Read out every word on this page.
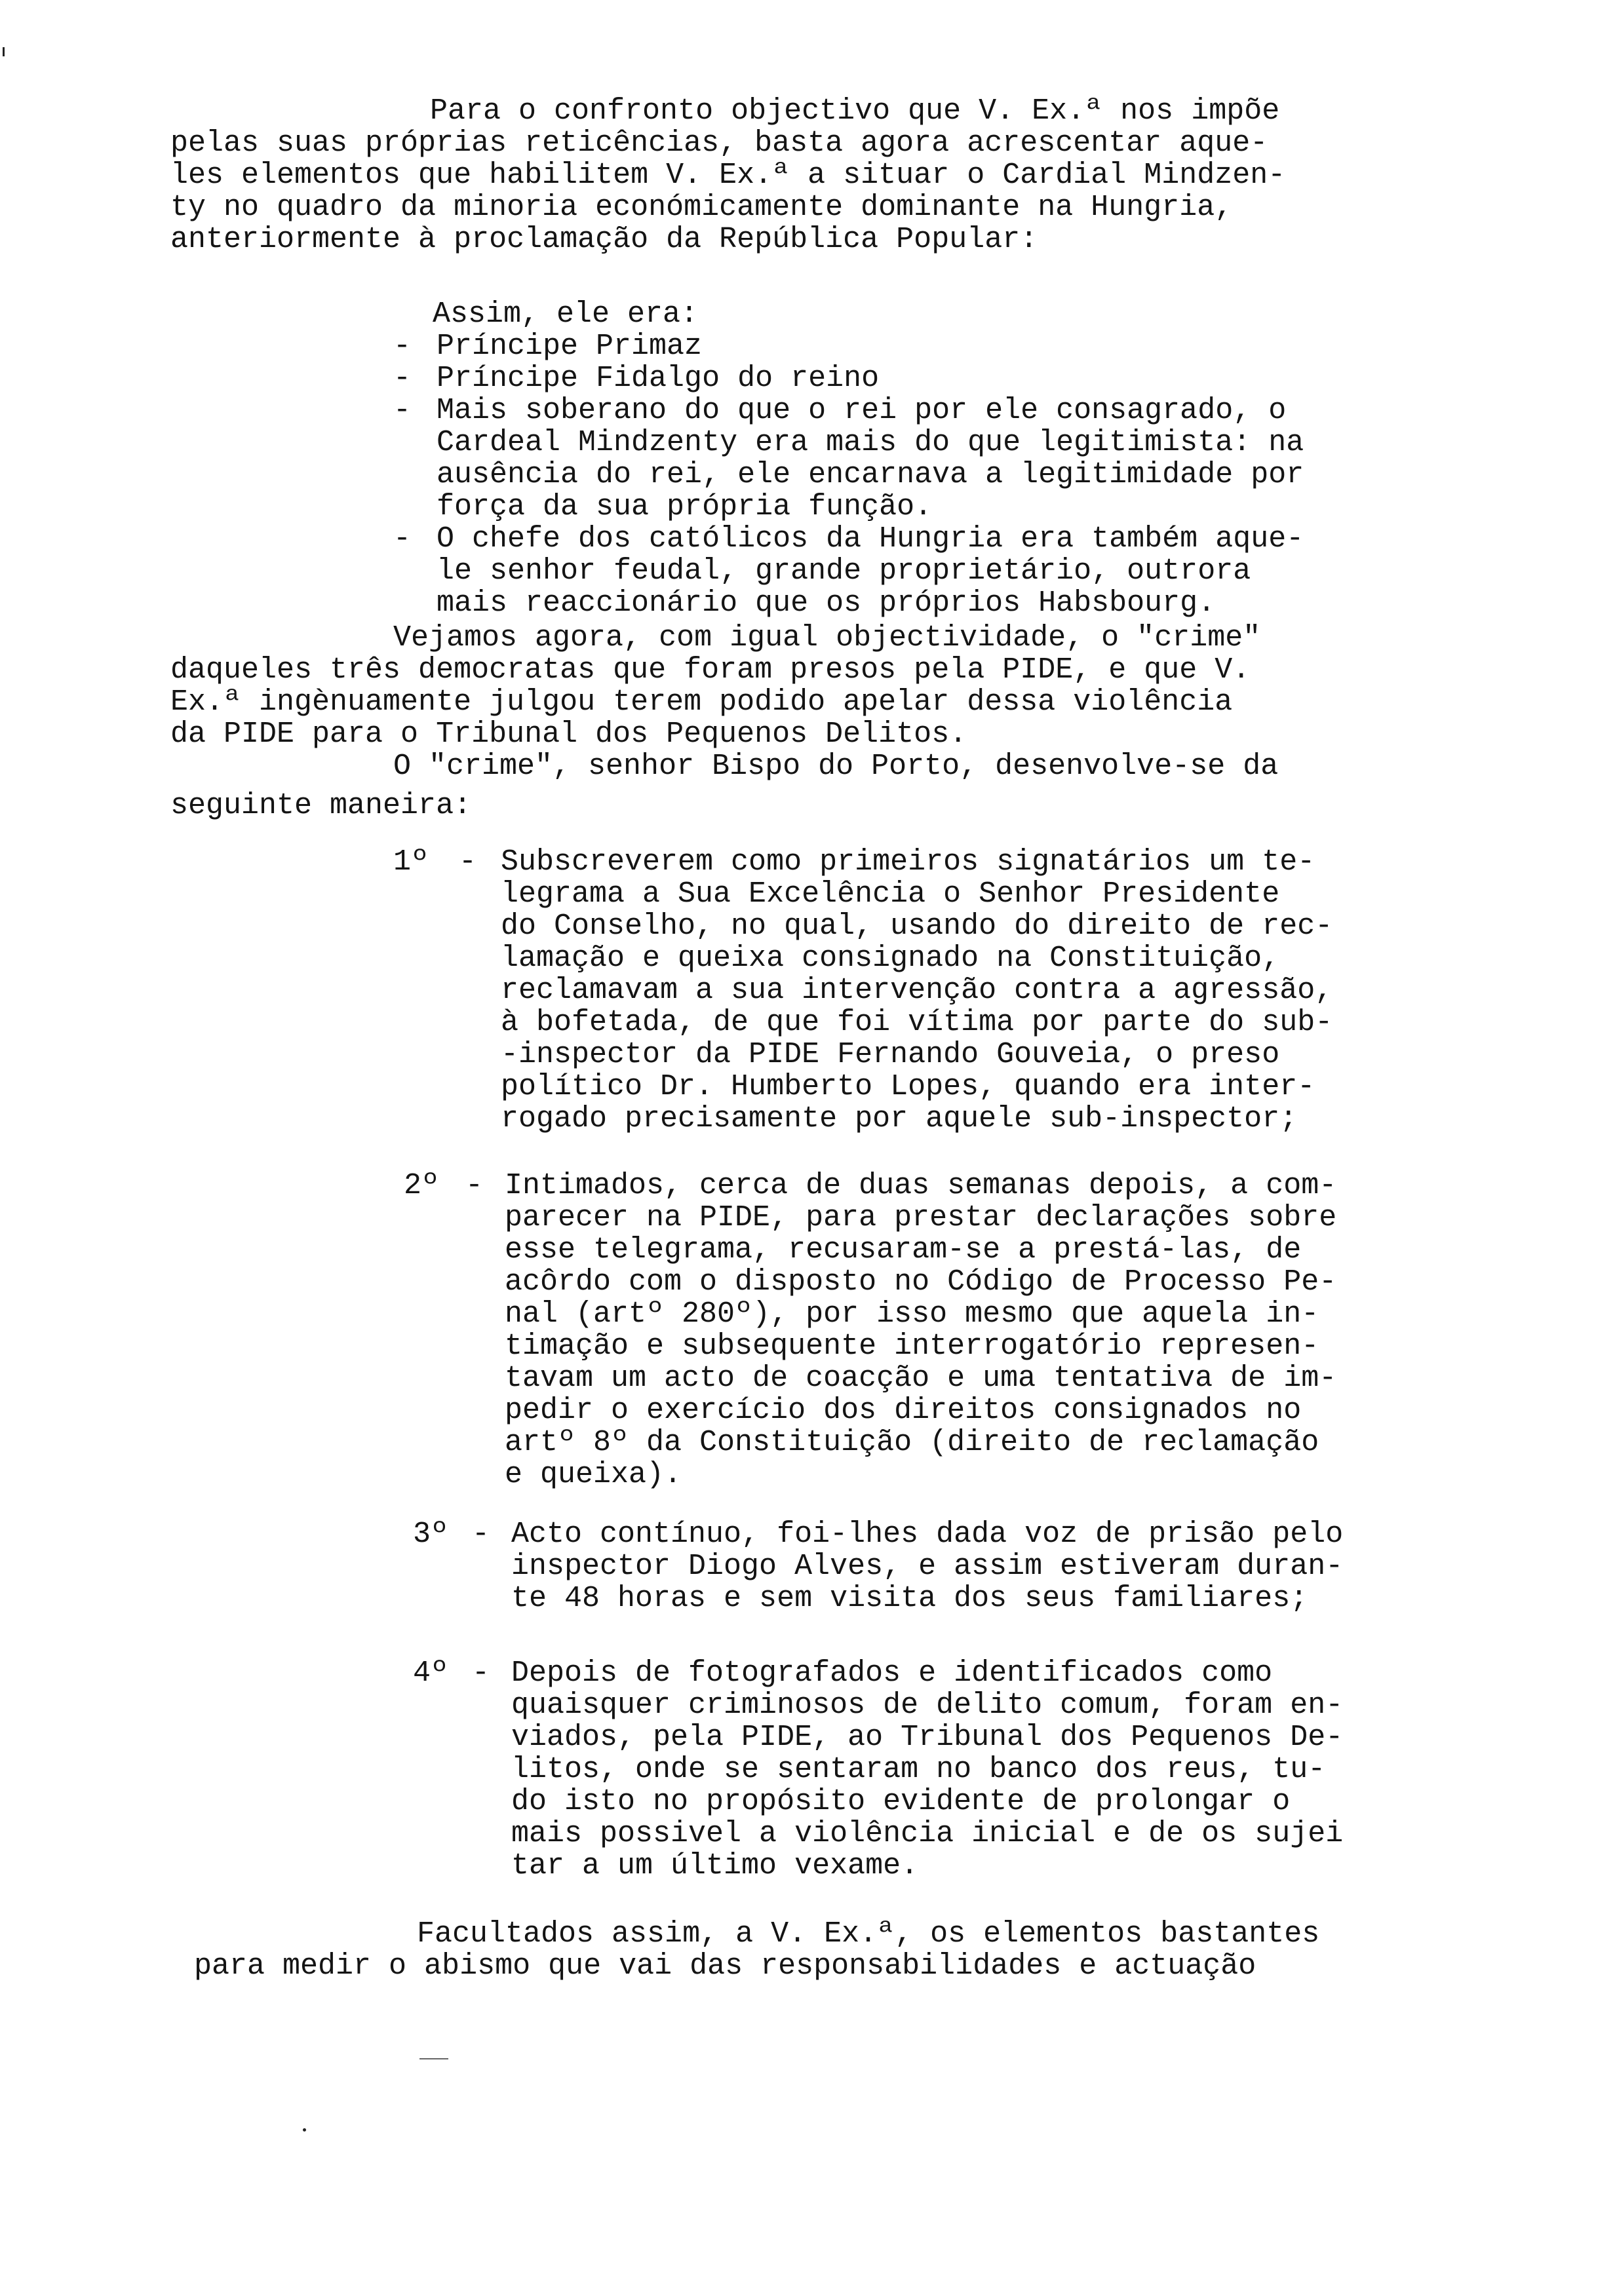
Para o confronto objectivo que V. Ex.ª nos impõe
pelas suas próprias reticências, basta agora acrescentar aque-
les elementos que habilitem V. Ex.ª a situar o Cardial Mindzen-
ty no quadro da minoria económicamente dominante na Hungria,
anteriormente à proclamação da República Popular:
Assim, ele era:
- Príncipe Primaz
- Príncipe Fidalgo do reino
- Mais soberano do que o rei por ele consagrado, o
Cardeal Mindzenty era mais do que legitimista: na
ausência do rei, ele encarnava a legitimidade por
força da sua própria função.
- O chefe dos católicos da Hungria era também aque-
le senhor feudal, grande proprietário, outrora
mais reaccionário que os próprios Habsbourg.
Vejamos agora, com igual objectividade, o "crime"
daqueles três democratas que foram presos pela PIDE, e que V.
Ex.ª ingènuamente julgou terem podido apelar dessa violência
da PIDE para o Tribunal dos Pequenos Delitos.
O "crime", senhor Bispo do Porto, desenvolve-se da
seguinte maneira:
1º - Subscreverem como primeiros signatários um te-
legrama a Sua Excelência o Senhor Presidente
do Conselho, no qual, usando do direito de rec-
lamação e queixa consignado na Constituição,
reclamavam a sua intervenção contra a agressão,
à bofetada, de que foi vítima por parte do sub-
-inspector da PIDE Fernando Gouveia, o preso
político Dr. Humberto Lopes, quando era inter-
rogado precisamente por aquele sub-inspector;
2º - Intimados, cerca de duas semanas depois, a com-
parecer na PIDE, para prestar declarações sobre
esse telegrama, recusaram-se a prestá-las, de
acôrdo com o disposto no Código de Processo Pe-
nal (artº 280º), por isso mesmo que aquela in-
timação e subsequente interrogatório represen-
tavam um acto de coacção e uma tentativa de im-
pedir o exercício dos direitos consignados no
artº 8º da Constituição (direito de reclamação
e queixa).
3º - Acto contínuo, foi-lhes dada voz de prisão pelo
inspector Diogo Alves, e assim estiveram duran-
te 48 horas e sem visita dos seus familiares;
4º - Depois de fotografados e identificados como
quaisquer criminosos de delito comum, foram en-
viados, pela PIDE, ao Tribunal dos Pequenos De-
litos, onde se sentaram no banco dos reus, tu-
do isto no propósito evidente de prolongar o
mais possivel a violência inicial e de os sujei
tar a um último vexame.
Facultados assim, a V. Ex.ª, os elementos bastantes
para medir o abismo que vai das responsabilidades e actuação
